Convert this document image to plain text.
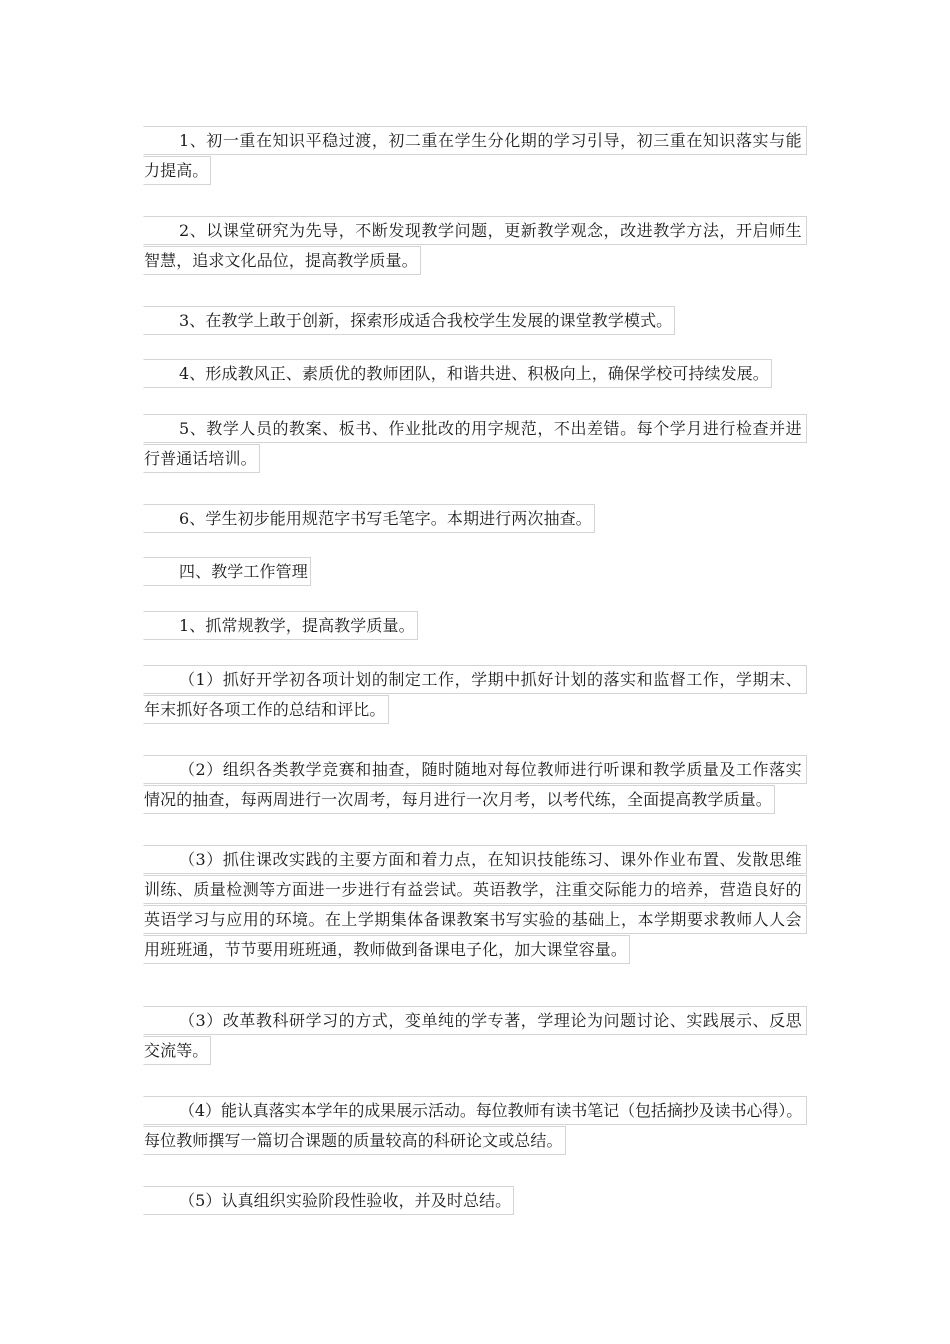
1、初一重在知识平稳过渡，初二重在学生分化期的学习引导，初三重在知识落实与能
力提高。
2、以课堂研究为先导，不断发现教学问题，更新教学观念，改进教学方法，开启师生
智慧，追求文化品位，提高教学质量。
3、在教学上敢于创新，探索形成适合我校学生发展的课堂教学模式。
4、形成教风正、素质优的教师团队，和谐共进、积极向上，确保学校可持续发展。
5、教学人员的教案、板书、作业批改的用字规范，不出差错。每个学月进行检查并进
行普通话培训。
6、学生初步能用规范字书写毛笔字。本期进行两次抽查。
四、教学工作管理
1、抓常规教学，提高教学质量。
（1）抓好开学初各项计划的制定工作，学期中抓好计划的落实和监督工作，学期末、
年末抓好各项工作的总结和评比。
（2）组织各类教学竞赛和抽查，随时随地对每位教师进行听课和教学质量及工作落实
情况的抽查，每两周进行一次周考，每月进行一次月考，以考代练，全面提高教学质量。
（3）抓住课改实践的主要方面和着力点，在知识技能练习、课外作业布置、发散思维
训练、质量检测等方面进一步进行有益尝试。英语教学，注重交际能力的培养，营造良好的
英语学习与应用的环境。在上学期集体备课教案书写实验的基础上，本学期要求教师人人会
用班班通，节节要用班班通，教师做到备课电子化，加大课堂容量。
（3）改革教科研学习的方式，变单纯的学专著，学理论为问题讨论、实践展示、反思
交流等。
（4）能认真落实本学年的成果展示活动。每位教师有读书笔记（包括摘抄及读书心得）。
每位教师撰写一篇切合课题的质量较高的科研论文或总结。
（5）认真组织实验阶段性验收，并及时总结。
